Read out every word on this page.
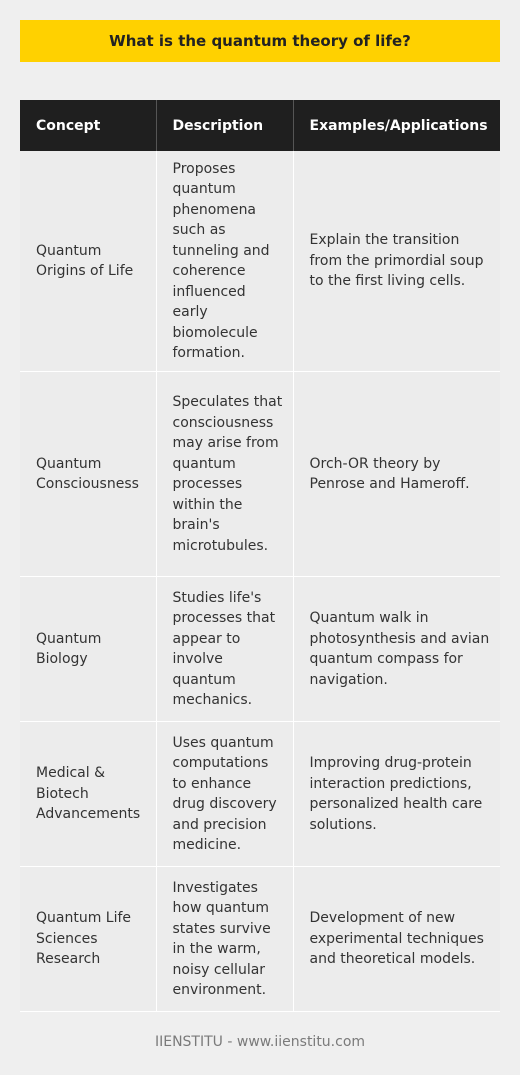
What is the quantum theory of life?
Concept	Description	Examples/Applications
Quantum Origins of Life	Proposes quantum phenomena such as tunneling and coherence influenced early biomolecule formation.	Explain the transition from the primordial soup to the first living cells.
Quantum Consciousness	Speculates that consciousness may arise from quantum processes within the brain's microtubules.	Orch-OR theory by Penrose and Hameroff.
Quantum Biology	Studies life's processes that appear to involve quantum mechanics.	Quantum walk in photosynthesis and avian quantum compass for navigation.
Medical & Biotech Advancements	Uses quantum computations to enhance drug discovery and precision medicine.	Improving drug-protein interaction predictions, personalized health care solutions.
Quantum Life Sciences Research	Investigates how quantum states survive in the warm, noisy cellular environment.	Development of new experimental techniques and theoretical models.
IIENSTITU - www.iienstitu.com
